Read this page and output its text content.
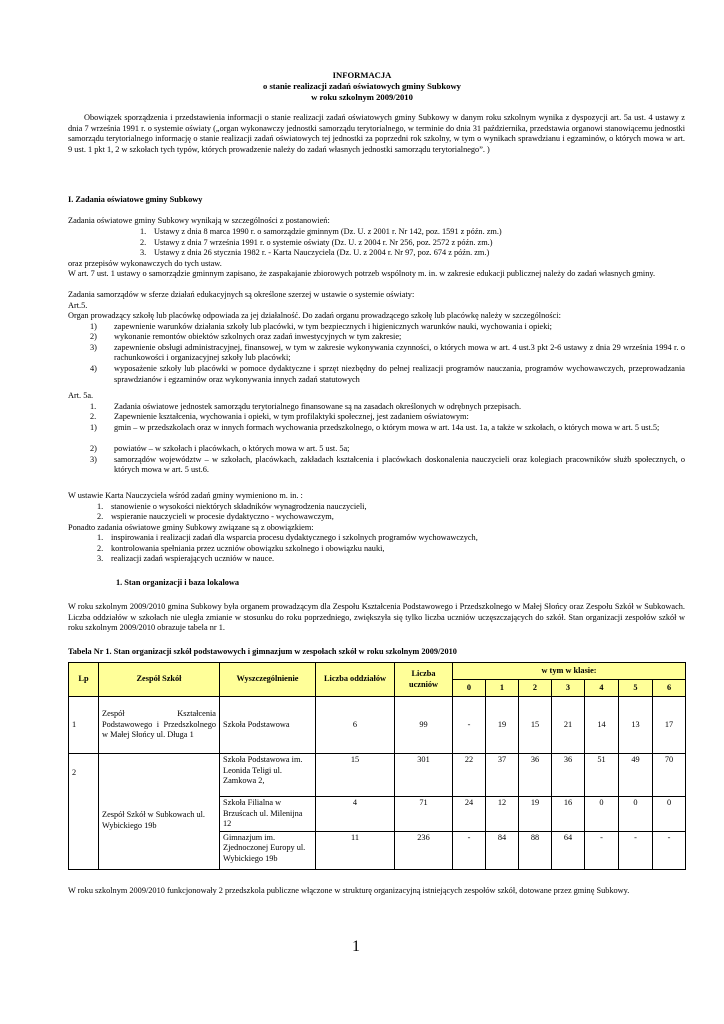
INFORMACJA
o stanie realizacji zadań oświatowych gminy Subkowy
w roku szkolnym 2009/2010
Obowiązek sporządzenia i przedstawienia informacji o stanie realizacji zadań oświatowych gminy Subkowy w danym roku szkolnym wynika z dyspozycji art. 5a ust. 4 ustawy z dnia 7 września 1991 r. o systemie oświaty („organ wykonawczy jednostki samorządu terytorialnego, w terminie do dnia 31 października, przedstawia organowi stanowiącemu jednostki samorządu terytorialnego informację o stanie realizacji zadań oświatowych tej jednostki za poprzedni rok szkolny, w tym o wynikach sprawdzianu i egzaminów, o których mowa w art. 9 ust. 1 pkt 1, 2 w szkołach tych typów, których prowadzenie należy do zadań własnych jednostki samorządu terytorialnego”. )
I. Zadania oświatowe gminy Subkowy
Zadania oświatowe gminy Subkowy wynikają w szczególności z postanowień:
1. Ustawy z dnia 8 marca 1990 r. o samorządzie gminnym (Dz. U. z 2001 r. Nr 142, poz. 1591 z późn. zm.)
2. Ustawy z dnia 7 września 1991 r. o systemie oświaty (Dz. U. z 2004 r. Nr 256, poz. 2572 z późn. zm.)
3. Ustawy z dnia 26 stycznia 1982 r. - Karta Nauczyciela (Dz. U. z 2004 r. Nr 97, poz. 674 z późn. zm.)
oraz przepisów wykonawczych do tych ustaw.
W art. 7 ust. 1 ustawy o samorządzie gminnym zapisano, że zaspakajanie zbiorowych potrzeb wspólnoty m. in. w zakresie edukacji publicznej należy do zadań własnych gminy.
Zadania samorządów w sferze działań edukacyjnych są określone szerzej w ustawie o systemie oświaty:
Art.5.
Organ prowadzący szkołę lub placówkę odpowiada za jej działalność. Do zadań organu prowadzącego szkołę lub placówkę należy w szczególności:
1) zapewnienie warunków działania szkoły lub placówki, w tym bezpiecznych i higienicznych warunków nauki, wychowania i opieki;
2) wykonanie remontów obiektów szkolnych oraz zadań inwestycyjnych w tym zakresie;
3) zapewnienie obsługi administracyjnej, finansowej, w tym w zakresie wykonywania czynności, o których mowa w art. 4 ust.3 pkt 2-6 ustawy z dnia 29 września 1994 r. o rachunkowości i organizacyjnej szkoły lub placówki;
4) wyposażenie szkoły lub placówki w pomoce dydaktyczne i sprzęt niezbędny do pełnej realizacji programów nauczania, programów wychowawczych, przeprowadzania sprawdzianów i egzaminów oraz wykonywania innych zadań statutowych
Art. 5a.
1. Zadania oświatowe jednostek samorządu terytorialnego finansowane są na zasadach określonych w odrębnych przepisach.
2. Zapewnienie kształcenia, wychowania i opieki, w tym profilaktyki społecznej, jest zadaniem oświatowym:
1) gmin – w przedszkolach oraz w innych formach wychowania przedszkolnego, o którym mowa w art. 14a ust. 1a, a także w szkołach, o których mowa w art. 5 ust.5;
2) powiatów – w szkołach i placówkach, o których mowa w art. 5 ust. 5a;
3) samorządów województw – w szkołach, placówkach, zakładach kształcenia i placówkach doskonalenia nauczycieli oraz kolegiach pracowników służb społecznych, o których mowa w art. 5 ust.6.
W ustawie Karta Nauczyciela wśród zadań gminy wymieniono m. in. :
1. stanowienie o wysokości niektórych składników wynagrodzenia nauczycieli,
2. wspieranie nauczycieli w procesie dydaktyczno - wychowawczym,
Ponadto zadania oświatowe gminy Subkowy związane są z obowiązkiem:
1. inspirowania i realizacji zadań dla wsparcia procesu dydaktycznego i szkolnych programów wychowawczych,
2. kontrolowania spełniania przez uczniów obowiązku szkolnego i obowiązku nauki,
3. realizacji zadań wspierających uczniów w nauce.
1. Stan organizacji i baza lokalowa
W roku szkolnym 2009/2010 gmina Subkowy była organem prowadzącym dla Zespołu Kształcenia Podstawowego i Przedszkolnego w Małej Słońcy oraz Zespołu Szkół w Subkowach. Liczba oddziałów w szkołach nie uległa zmianie w stosunku do roku poprzedniego, zwiększyła się tylko liczba uczniów uczęszczających do szkół. Stan organizacji zespołów szkół w roku szkolnym 2009/2010 obrazuje tabela nr 1.
Tabela Nr 1. Stan organizacji szkół podstawowych i gimnazjum w zespołach szkół w roku szkolnym 2009/2010
Lp	Zespół Szkół	Wyszczególnienie	Liczba oddziałów	Liczba uczniów	w tym w klasie:						
					0	1	2	3	4	5	6
1	Zespół Kształcenia Podstawowego i Przedszkolnego w Małej Słońcy ul. Długa 1	Szkoła Podstawowa	6	99	-	19	15	21	14	13	17
2	Zespół Szkół w Subkowach ul. Wybickiego 19b	Szkoła Podstawowa im. Leonida Teligi ul. Zamkowa 2,	15	301	22	37	36	36	51	49	70
		Szkoła Filialna w Brzuścach ul. Milenijna 12	4	71	24	12	19	16	0	0	0
		Gimnazjum im. Zjednoczonej Europy ul. Wybickiego 19b	11	236	-	84	88	64	-	-	-
W roku szkolnym 2009/2010 funkcjonowały 2 przedszkola publiczne włączone w strukturę organizacyjną istniejących zespołów szkół, dotowane przez gminę Subkowy.
1
